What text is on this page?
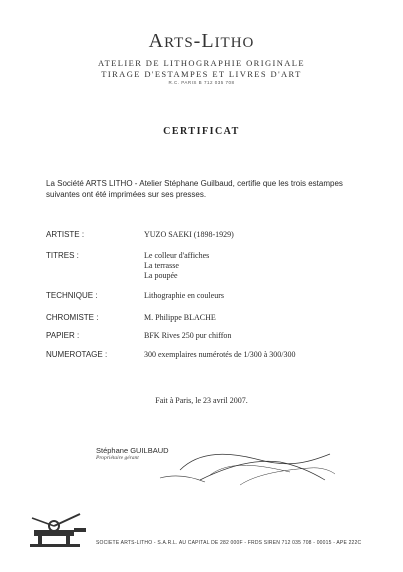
ARTS-LITHO
ATELIER DE LITHOGRAPHIE ORIGINALE
TIRAGE D'ESTAMPES ET LIVRES D'ART
R.C. PARIS B 712 035 708
CERTIFICAT
La Société ARTS LITHO - Atelier Stéphane Guilbaud, certifie que les trois estampes suivantes ont été imprimées sur ses presses.
ARTISTE :	YUZO SAEKI (1898-1929)
TITRES :	Le colleur d'affiches
La terrasse
La poupée
TECHNIQUE :	Lithographie en couleurs
CHROMISTE :	M. Philippe BLACHE
PAPIER :	BFK Rives 250 pur chiffon
NUMEROTAGE :	300 exemplaires numérotés de 1/300 à 300/300
Fait à Paris, le 23 avril 2007.
Stéphane GUILBAUD
Propriétaire gérant
SOCIETE ARTS-LITHO - S.A.R.L. AU CAPITAL DE 282 000F - FRDS SIREN 712 035 708 - 00015 - APE 222C
